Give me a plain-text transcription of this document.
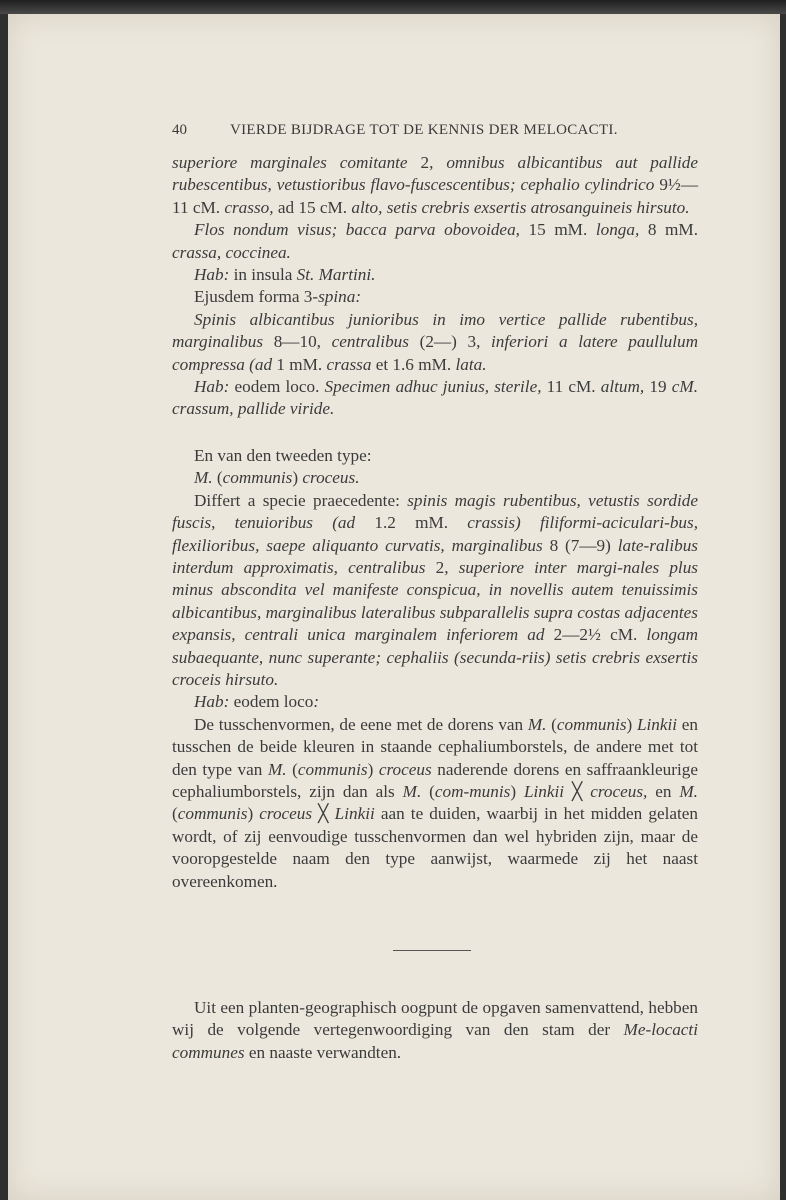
40	VIERDE BIJDRAGE TOT DE KENNIS DER MELOCACTI.

superiore marginales comitante 2, omnibus albicantibus aut pallide rubescentibus, vetustioribus flavo-fuscescentibus; cephalio cylindrico 9½—11 cM. crasso, ad 15 cM. alto, setis crebris exsertis atrosanguineis hirsuto.

Flos nondum visus; bacca parva obovoidea, 15 mM. longa, 8 mM. crassa, coccinea.

Hab: in insula St. Martini.

Ejusdem forma 3-spina:

Spinis albicantibus junioribus in imo vertice pallide rubentibus, marginalibus 8—10, centralibus (2—) 3, inferiori a latere paullulum compressa (ad 1 mM. crassa et 1.6 mM. lata.

Hab: eodem loco. Specimen adhuc junius, sterile, 11 cM. altum, 19 cM. crassum, pallide viride.

En van den tweeden type:

M. (communis) croceus.

Differt a specie praecedente: spinis magis rubentibus, vetustis sordide fuscis, tenuioribus (ad 1.2 mM. crassis) filiformi-aciculari-bus, flexilioribus, saepe aliquanto curvatis, marginalibus 8 (7—9) late-ralibus interdum approximatis, centralibus 2, superiore inter margi-nales plus minus abscondita vel manifeste conspicua, in novellis autem tenuissimis albicantibus, marginalibus lateralibus subparallelis supra costas adjacentes expansis, centrali unica marginalem inferiorem ad 2—2½ cM. longam subaequante, nunc superante; cephaliis (secunda-riis) setis crebris exsertis croceis hirsuto.

Hab: eodem loco:

De tusschenvormen, de eene met de dorens van M. (communis) Linkii en tusschen de beide kleuren in staande cephaliumborstels, de andere met tot den type van M. (communis) croceus naderende dorens en saffraankleurige cephaliumborstels, zijn dan als M. (com-munis) Linkii ╳ croceus, en M. (communis) croceus ╳ Linkii aan te duiden, waarbij in het midden gelaten wordt, of zij eenvoudige tusschenvormen dan wel hybriden zijn, maar de vooropgestelde naam den type aanwijst, waarmede zij het naast overeenkomen.

Uit een planten-geographisch oogpunt de opgaven samenvattend, hebben wij de volgende vertegenwoordiging van den stam der Me-locacti communes en naaste verwandten.
